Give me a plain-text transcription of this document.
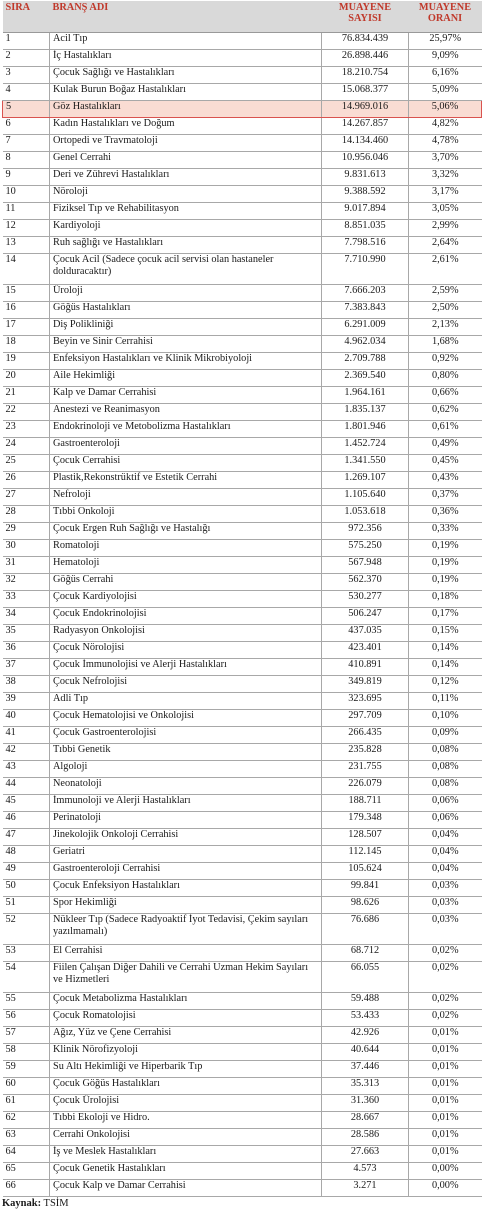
SIRA	BRANŞ ADI	MUAYENE SAYISI	MUAYENE ORANI
1	Acil Tıp	76.834.439	25,97%
2	İç Hastalıkları	26.898.446	9,09%
3	Çocuk Sağlığı ve Hastalıkları	18.210.754	6,16%
4	Kulak Burun Boğaz Hastalıkları	15.068.377	5,09%
5	Göz Hastalıkları	14.969.016	5,06%
6	Kadın Hastalıkları ve Doğum	14.267.857	4,82%
7	Ortopedi ve Travmatoloji	14.134.460	4,78%
8	Genel Cerrahi	10.956.046	3,70%
9	Deri ve Zührevi Hastalıkları	9.831.613	3,32%
10	Nöroloji	9.388.592	3,17%
11	Fiziksel Tıp ve Rehabilitasyon	9.017.894	3,05%
12	Kardiyoloji	8.851.035	2,99%
13	Ruh sağlığı ve Hastalıkları	7.798.516	2,64%
14	Çocuk Acil (Sadece çocuk acil servisi olan hastaneler dolduracaktır)	7.710.990	2,61%
15	Üroloji	7.666.203	2,59%
16	Göğüs Hastalıkları	7.383.843	2,50%
17	Diş Polikliniği	6.291.009	2,13%
18	Beyin ve Sinir Cerrahisi	4.962.034	1,68%
19	Enfeksiyon Hastalıkları ve Klinik Mikrobiyoloji	2.709.788	0,92%
20	Aile Hekimliği	2.369.540	0,80%
21	Kalp ve Damar Cerrahisi	1.964.161	0,66%
22	Anestezi ve Reanimasyon	1.835.137	0,62%
23	Endokrinoloji ve Metobolizma Hastalıkları	1.801.946	0,61%
24	Gastroenteroloji	1.452.724	0,49%
25	Çocuk Cerrahisi	1.341.550	0,45%
26	Plastik,Rekonstrüktif ve Estetik Cerrahi	1.269.107	0,43%
27	Nefroloji	1.105.640	0,37%
28	Tıbbi Onkoloji	1.053.618	0,36%
29	Çocuk Ergen Ruh Sağlığı ve Hastalığı	972.356	0,33%
30	Romatoloji	575.250	0,19%
31	Hematoloji	567.948	0,19%
32	Göğüs Cerrahi	562.370	0,19%
33	Çocuk Kardiyolojisi	530.277	0,18%
34	Çocuk Endokrinolojisi	506.247	0,17%
35	Radyasyon Onkolojisi	437.035	0,15%
36	Çocuk Nörolojisi	423.401	0,14%
37	Çocuk İmmunolojisi ve Alerji Hastalıkları	410.891	0,14%
38	Çocuk Nefrolojisi	349.819	0,12%
39	Adli Tıp	323.695	0,11%
40	Çocuk Hematolojisi ve Onkolojisi	297.709	0,10%
41	Çocuk Gastroenterolojisi	266.435	0,09%
42	Tıbbi Genetik	235.828	0,08%
43	Algoloji	231.755	0,08%
44	Neonatoloji	226.079	0,08%
45	İmmunoloji ve Alerji Hastalıkları	188.711	0,06%
46	Perinatoloji	179.348	0,06%
47	Jinekolojik Onkoloji Cerrahisi	128.507	0,04%
48	Geriatri	112.145	0,04%
49	Gastroenteroloji Cerrahisi	105.624	0,04%
50	Çocuk Enfeksiyon Hastalıkları	99.841	0,03%
51	Spor Hekimliği	98.626	0,03%
52	Nükleer Tıp (Sadece Radyoaktif İyot Tedavisi, Çekim sayıları yazılmamalı)	76.686	0,03%
53	El Cerrahisi	68.712	0,02%
54	Fiilen Çalışan Diğer Dahili ve Cerrahi Uzman Hekim Sayıları ve Hizmetleri	66.055	0,02%
55	Çocuk Metabolizma Hastalıkları	59.488	0,02%
56	Çocuk Romatolojisi	53.433	0,02%
57	Ağız, Yüz ve Çene Cerrahisi	42.926	0,01%
58	Klinik Nörofizyoloji	40.644	0,01%
59	Su Altı Hekimliği ve Hiperbarik Tıp	37.446	0,01%
60	Çocuk Göğüs Hastalıkları	35.313	0,01%
61	Çocuk Ürolojisi	31.360	0,01%
62	Tıbbi Ekoloji ve Hidro.	28.667	0,01%
63	Cerrahi Onkolojisi	28.586	0,01%
64	İş ve Meslek Hastalıkları	27.663	0,01%
65	Çocuk Genetik Hastalıkları	4.573	0,00%
66	Çocuk Kalp ve Damar Cerrahisi	3.271	0,00%
Kaynak: TSİM
